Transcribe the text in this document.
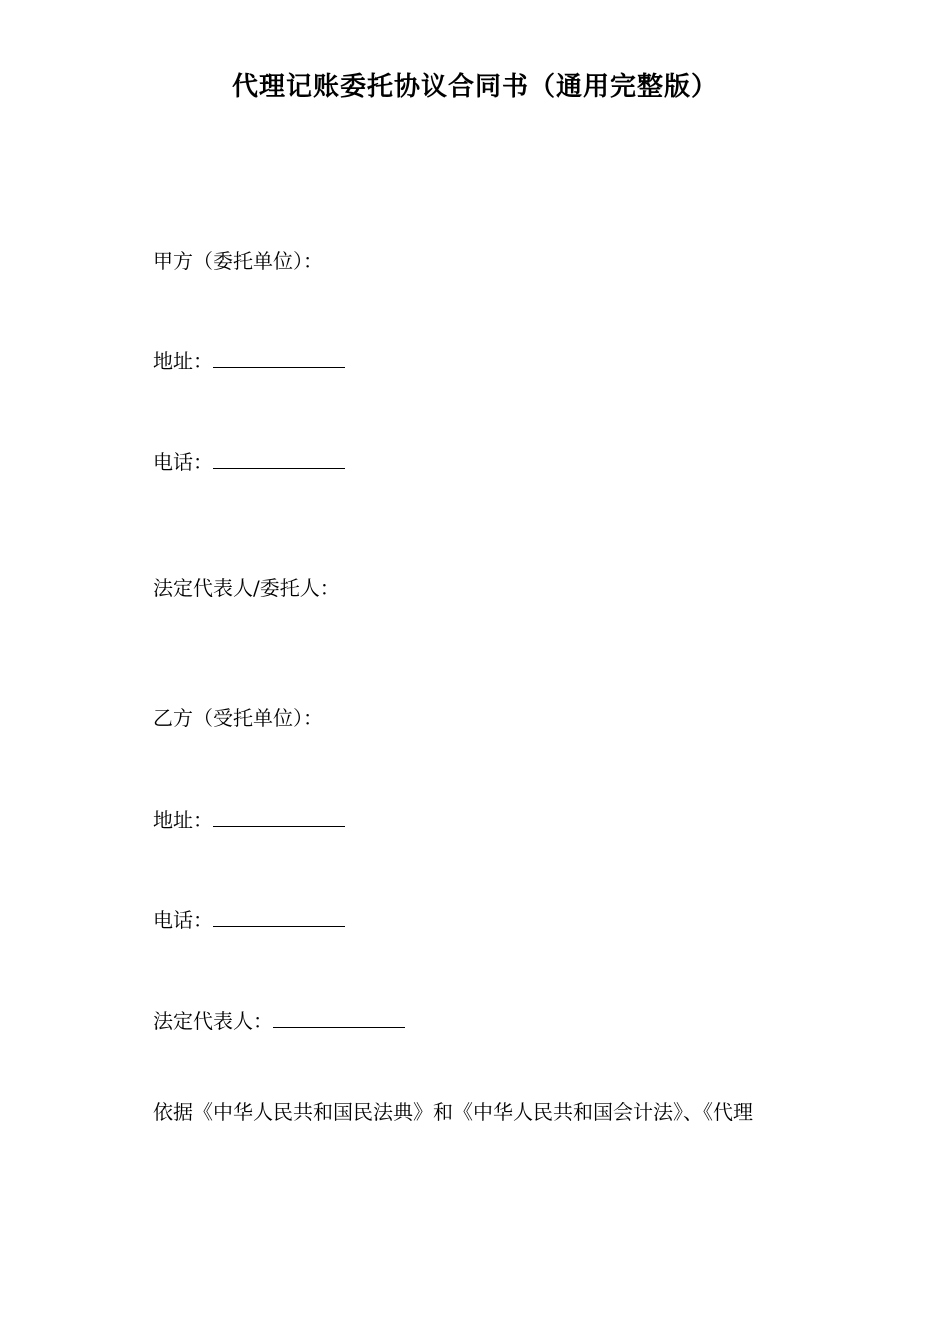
代理记账委托协议合同书（通用完整版）
甲方（委托单位）：
地址：
电话：
法定代表人/委托人：
乙方（受托单位）：
地址：
电话：
法定代表人：
依据《中华人民共和国民法典》和《中华人民共和国会计法》、《代理
